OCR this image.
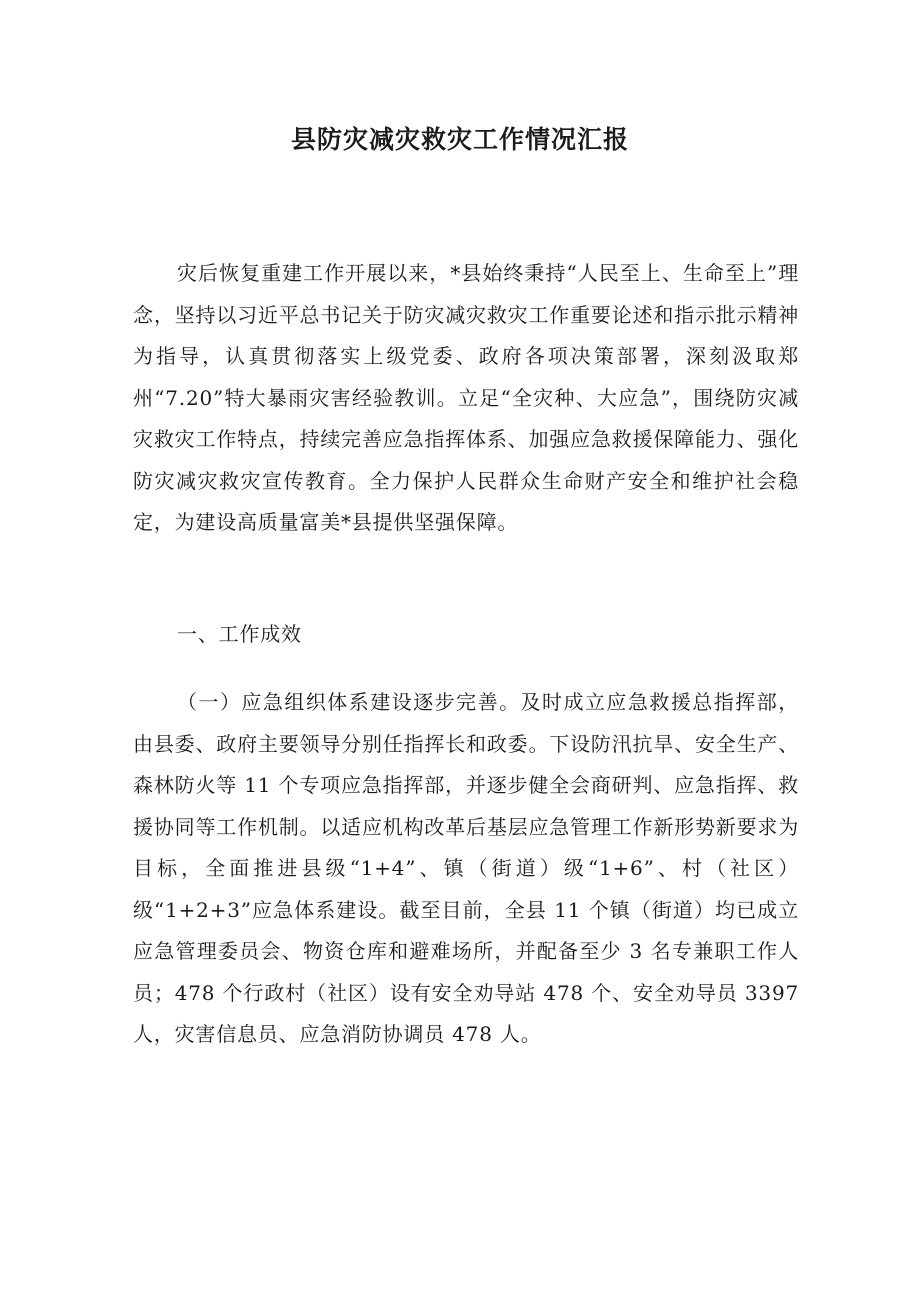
县防灾减灾救灾工作情况汇报

灾后恢复重建工作开展以来，*县始终秉持“人民至上、生命至上”理念，坚持以习近平总书记关于防灾减灾救灾工作重要论述和指示批示精神为指导，认真贯彻落实上级党委、政府各项决策部署，深刻汲取郑州“7.20”特大暴雨灾害经验教训。立足“全灾种、大应急”，围绕防灾减灾救灾工作特点，持续完善应急指挥体系、加强应急救援保障能力、强化防灾减灾救灾宣传教育。全力保护人民群众生命财产安全和维护社会稳定，为建设高质量富美*县提供坚强保障。

一、工作成效

（一）应急组织体系建设逐步完善。及时成立应急救援总指挥部，由县委、政府主要领导分别任指挥长和政委。下设防汛抗旱、安全生产、森林防火等 11 个专项应急指挥部，并逐步健全会商研判、应急指挥、救援协同等工作机制。以适应机构改革后基层应急管理工作新形势新要求为目标，全面推进县级“1+4”、镇（街道）级“1+6”、村（社区）级“1+2+3”应急体系建设。截至目前，全县 11 个镇（街道）均已成立应急管理委员会、物资仓库和避难场所，并配备至少 3 名专兼职工作人员；478 个行政村（社区）设有安全劝导站 478 个、安全劝导员 3397 人，灾害信息员、应急消防协调员 478 人。
